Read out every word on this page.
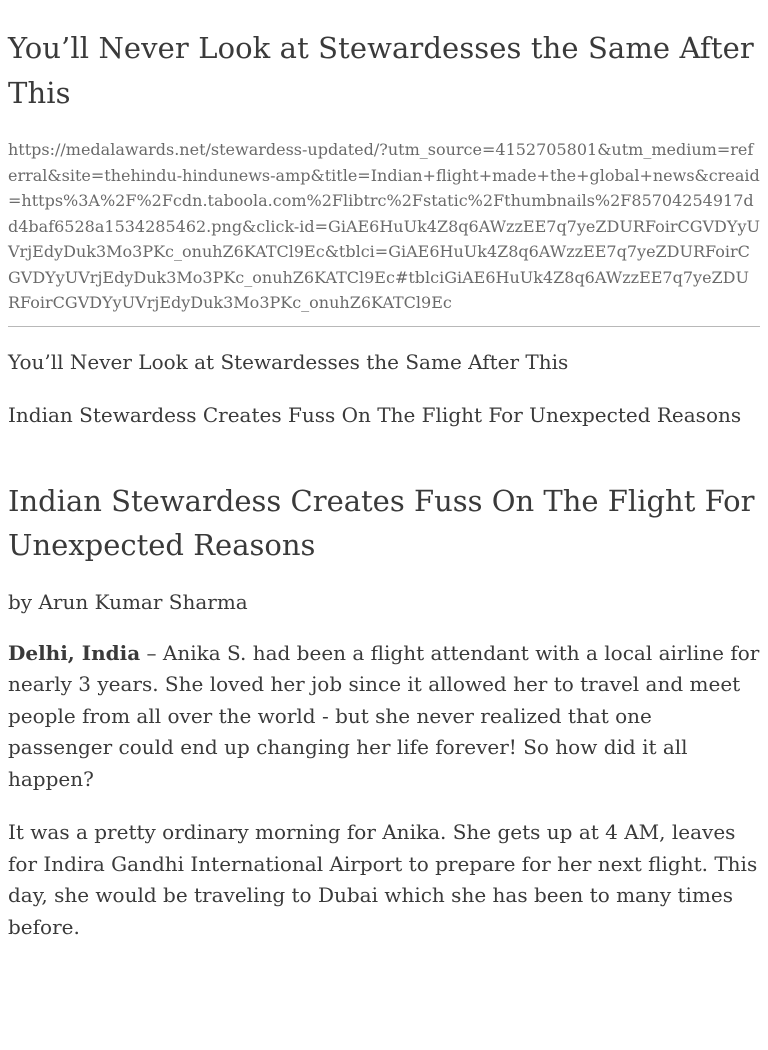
You’ll Never Look at Stewardesses the Same After This
https://medalawards.net/stewardess-updated/?utm_source=4152705801&utm_medium=referral&site=thehindu-hindunews-amp&title=Indian+flight+made+the+global+news&creaid=https%3A%2F%2Fcdn.taboola.com%2Flibtrc%2Fstatic%2Fthumbnails%2F85704254917dd4baf6528a1534285462.png&click-id=GiAE6HuUk4Z8q6AWzzEE7q7yeZDURFoirCGVDYyUVrjEdyDuk3Mo3PKc_onuhZ6KATCl9Ec&tblci=GiAE6HuUk4Z8q6AWzzEE7q7yeZDURFoirCGVDYyUVrjEdyDuk3Mo3PKc_onuhZ6KATCl9Ec#tblciGiAE6HuUk4Z8q6AWzzEE7q7yeZDURFoirCGVDYyUVrjEdyDuk3Mo3PKc_onuhZ6KATCl9Ec

You’ll Never Look at Stewardesses the Same After This

Indian Stewardess Creates Fuss On The Flight For Unexpected Reasons

Indian Stewardess Creates Fuss On The Flight For Unexpected Reasons

by Arun Kumar Sharma

Delhi, India – Anika S. had been a flight attendant with a local airline for nearly 3 years. She loved her job since it allowed her to travel and meet people from all over the world - but she never realized that one passenger could end up changing her life forever! So how did it all happen?

It was a pretty ordinary morning for Anika. She gets up at 4 AM, leaves for Indira Gandhi International Airport to prepare for her next flight. This day, she would be traveling to Dubai which she has been to many times before.
